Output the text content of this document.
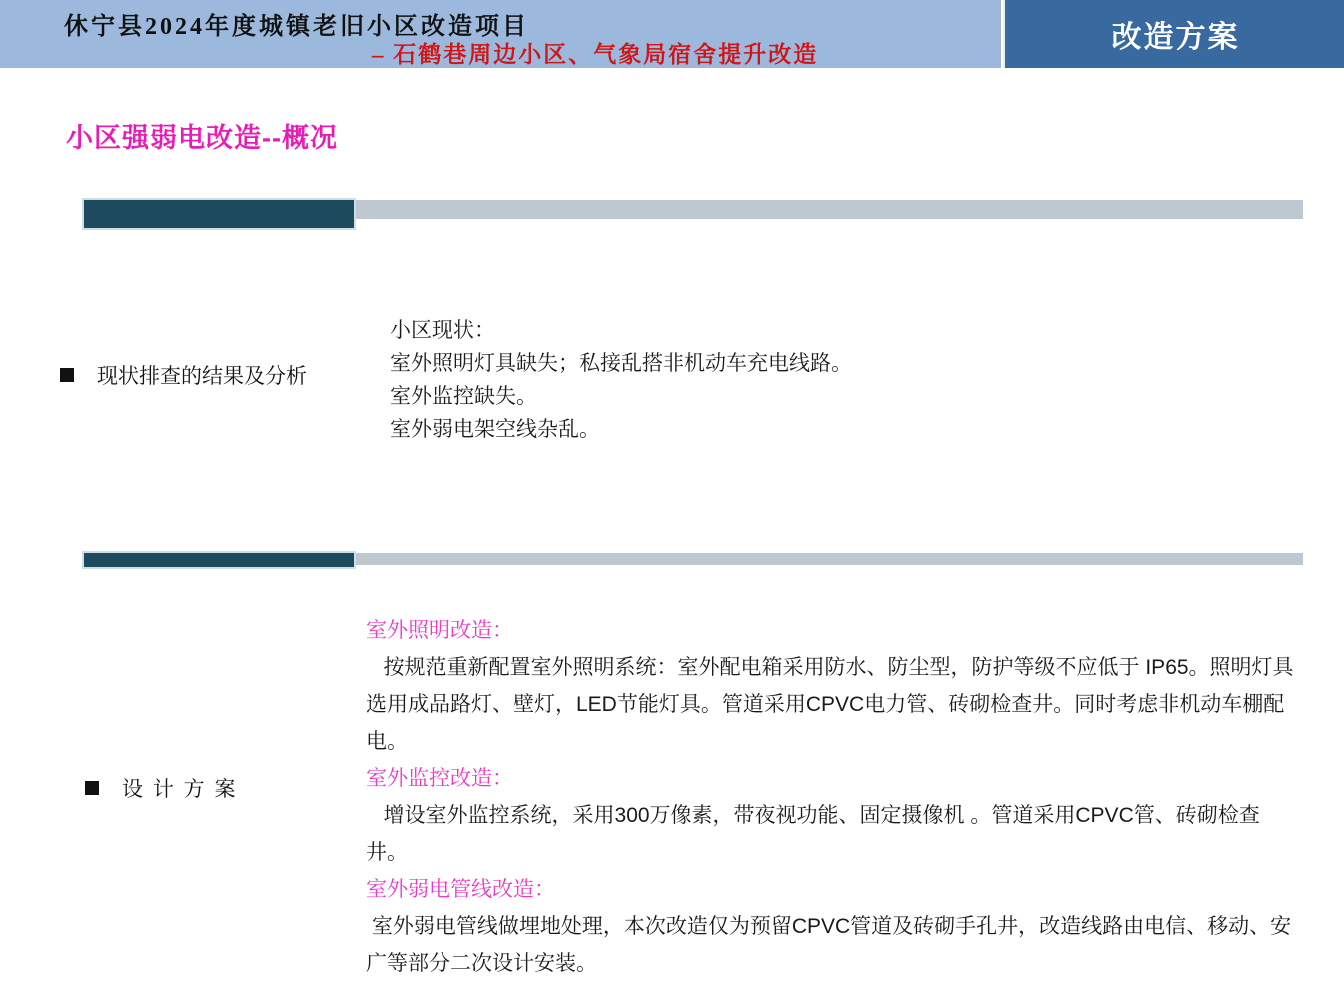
休宁县2024年度城镇老旧小区改造项目
– 石鹤巷周边小区、气象局宿舍提升改造
改造方案
小区强弱电改造--概况
现状排查的结果及分析
小区现状：
室外照明灯具缺失；私接乱搭非机动车充电线路。
室外监控缺失。
室外弱电架空线杂乱。
设 计 方 案
室外照明改造：
按规范重新配置室外照明系统：室外配电箱采用防水、防尘型，防护等级不应低于 IP65。照明灯具选用成品路灯、壁灯，LED节能灯具。管道采用CPVC电力管、砖砌检查井。同时考虑非机动车棚配电。
室外监控改造：
增设室外监控系统，采用300万像素，带夜视功能、固定摄像机 。管道采用CPVC管、砖砌检查井。
室外弱电管线改造：
室外弱电管线做埋地处理，本次改造仅为预留CPVC管道及砖砌手孔井，改造线路由电信、移动、安广等部分二次设计安装。
